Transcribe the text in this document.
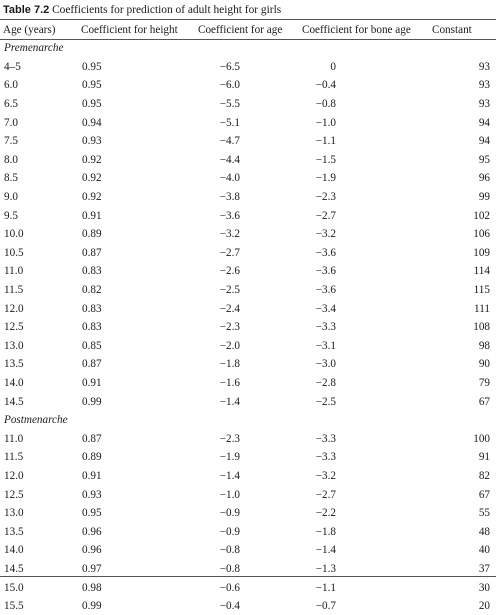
Table 7.2 Coefficients for prediction of adult height for girls
Age (years)	Coefficient for height	Coefficient for age	Coefficient for bone age	Constant
Premenarche				
4–5	0.95	−6.5	0	93
6.0	0.95	−6.0	−0.4	93
6.5	0.95	−5.5	−0.8	93
7.0	0.94	−5.1	−1.0	94
7.5	0.93	−4.7	−1.1	94
8.0	0.92	−4.4	−1.5	95
8.5	0.92	−4.0	−1.9	96
9.0	0.92	−3.8	−2.3	99
9.5	0.91	−3.6	−2.7	102
10.0	0.89	−3.2	−3.2	106
10.5	0.87	−2.7	−3.6	109
11.0	0.83	−2.6	−3.6	114
11.5	0.82	−2.5	−3.6	115
12.0	0.83	−2.4	−3.4	111
12.5	0.83	−2.3	−3.3	108
13.0	0.85	−2.0	−3.1	98
13.5	0.87	−1.8	−3.0	90
14.0	0.91	−1.6	−2.8	79
14.5	0.99	−1.4	−2.5	67
Postmenarche				
11.0	0.87	−2.3	−3.3	100
11.5	0.89	−1.9	−3.3	91
12.0	0.91	−1.4	−3.2	82
12.5	0.93	−1.0	−2.7	67
13.0	0.95	−0.9	−2.2	55
13.5	0.96	−0.9	−1.8	48
14.0	0.96	−0.8	−1.4	40
14.5	0.97	−0.8	−1.3	37
15.0	0.98	−0.6	−1.1	30
15.5	0.99	−0.4	−0.7	20
